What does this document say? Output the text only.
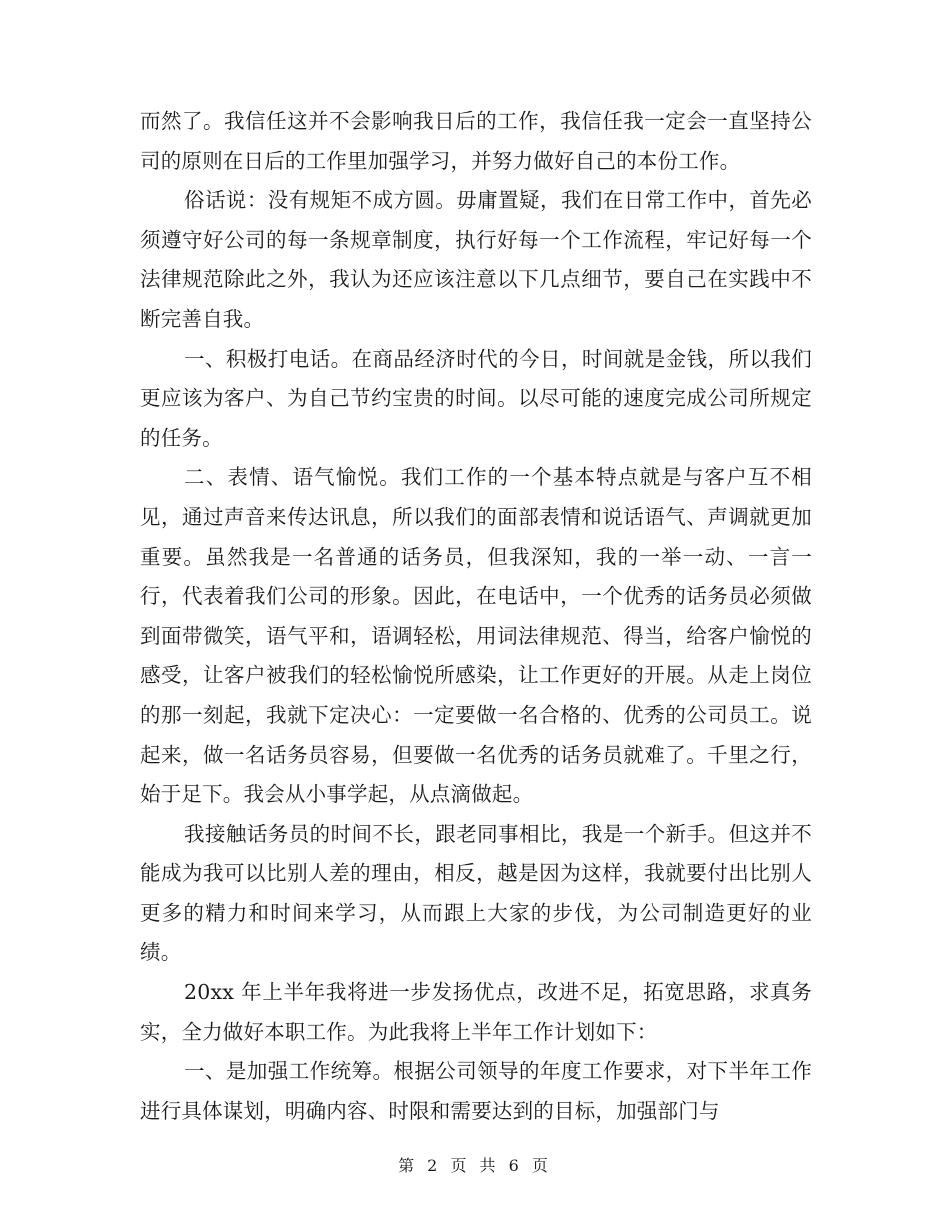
而然了。我信任这并不会影响我日后的工作，我信任我一定会一直坚持公司的原则在日后的工作里加强学习，并努力做好自己的本份工作。

俗话说：没有规矩不成方圆。毋庸置疑，我们在日常工作中，首先必须遵守好公司的每一条规章制度，执行好每一个工作流程，牢记好每一个法律规范除此之外，我认为还应该注意以下几点细节，要自己在实践中不断完善自我。

一、积极打电话。在商品经济时代的今日，时间就是金钱，所以我们更应该为客户、为自己节约宝贵的时间。以尽可能的速度完成公司所规定的任务。

二、表情、语气愉悦。我们工作的一个基本特点就是与客户互不相见，通过声音来传达讯息，所以我们的面部表情和说话语气、声调就更加重要。虽然我是一名普通的话务员，但我深知，我的一举一动、一言一行，代表着我们公司的形象。因此，在电话中，一个优秀的话务员必须做到面带微笑，语气平和，语调轻松，用词法律规范、得当，给客户愉悦的感受，让客户被我们的轻松愉悦所感染，让工作更好的开展。从走上岗位的那一刻起，我就下定决心：一定要做一名合格的、优秀的公司员工。说起来，做一名话务员容易，但要做一名优秀的话务员就难了。千里之行，始于足下。我会从小事学起，从点滴做起。

我接触话务员的时间不长，跟老同事相比，我是一个新手。但这并不能成为我可以比别人差的理由，相反，越是因为这样，我就要付出比别人更多的精力和时间来学习，从而跟上大家的步伐，为公司制造更好的业绩。

20xx 年上半年我将进一步发扬优点，改进不足，拓宽思路，求真务实，全力做好本职工作。为此我将上半年工作计划如下：

一、是加强工作统筹。根据公司领导的年度工作要求，对下半年工作进行具体谋划，明确内容、时限和需要达到的目标，加强部门与

第 2 页 共 6 页
